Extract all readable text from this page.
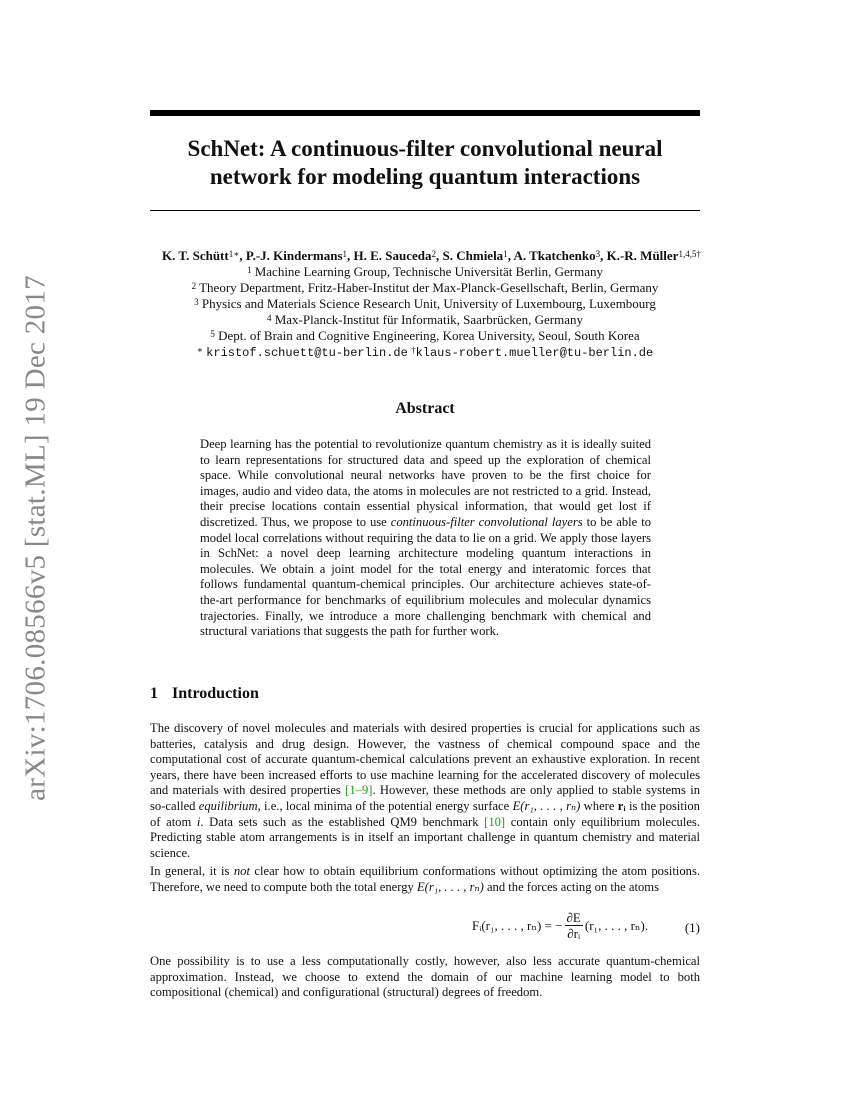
arXiv:1706.08566v5 [stat.ML] 19 Dec 2017
SchNet: A continuous-filter convolutional neural
network for modeling quantum interactions
K. T. Schütt$^{1∗}$, P.-J. Kindermans$^1$, H. E. Sauceda$^2$, S. Chmiela$^1$, A. Tkatchenko$^3$, K.-R. Müller$^{1,4,5\dagger}$
$^1$ Machine Learning Group, Technische Universität Berlin, Germany
$^2$ Theory Department, Fritz-Haber-Institut der Max-Planck-Gesellschaft, Berlin, Germany
$^3$ Physics and Materials Science Research Unit, University of Luxembourg, Luxembourg
$^4$ Max-Planck-Institut für Informatik, Saarbrücken, Germany
$^5$ Dept. of Brain and Cognitive Engineering, Korea University, Seoul, South Korea
∗ kristof.schuett@tu-berlin.de †klaus-robert.mueller@tu-berlin.de
Abstract
Deep learning has the potential to revolutionize quantum chemistry as it is ideally suited to learn representations for structured data and speed up the exploration of chemical space. While convolutional neural networks have proven to be the first choice for images, audio and video data, the atoms in molecules are not restricted to a grid. Instead, their precise locations contain essential physical information, that would get lost if discretized. Thus, we propose to use continuous-filter convolutional layers to be able to model local correlations without requiring the data to lie on a grid. We apply those layers in SchNet: a novel deep learning architecture modeling quantum interactions in molecules. We obtain a joint model for the total energy and interatomic forces that follows fundamental quantum-chemical principles. Our architecture achieves state-of-the-art performance for benchmarks of equilibrium molecules and molecular dynamics trajectories. Finally, we introduce a more challenging benchmark with chemical and structural variations that suggests the path for further work.
1 Introduction
The discovery of novel molecules and materials with desired properties is crucial for applications such as batteries, catalysis and drug design. However, the vastness of chemical compound space and the computational cost of accurate quantum-chemical calculations prevent an exhaustive exploration. In recent years, there have been increased efforts to use machine learning for the accelerated discovery of molecules and materials with desired properties [1–9]. However, these methods are only applied to stable systems in so-called equilibrium, i.e., local minima of the potential energy surface E(r₁, . . . , rₙ) where rᵢ is the position of atom i. Data sets such as the established QM9 benchmark [10] contain only equilibrium molecules. Predicting stable atom arrangements is in itself an important challenge in quantum chemistry and material science.
In general, it is not clear how to obtain equilibrium conformations without optimizing the atom positions. Therefore, we need to compute both the total energy E(r₁, . . . , rₙ) and the forces acting on the atoms
Fᵢ(r₁, . . . , rₙ) = − $\frac{\partial E}{\text{∂rᵢ}} (r_1$, . . . , rₙ).	(1)
One possibility is to use a less computationally costly, however, also less accurate quantum-chemical approximation. Instead, we choose to extend the domain of our machine learning model to both compositional (chemical) and configurational (structural) degrees of freedom.
